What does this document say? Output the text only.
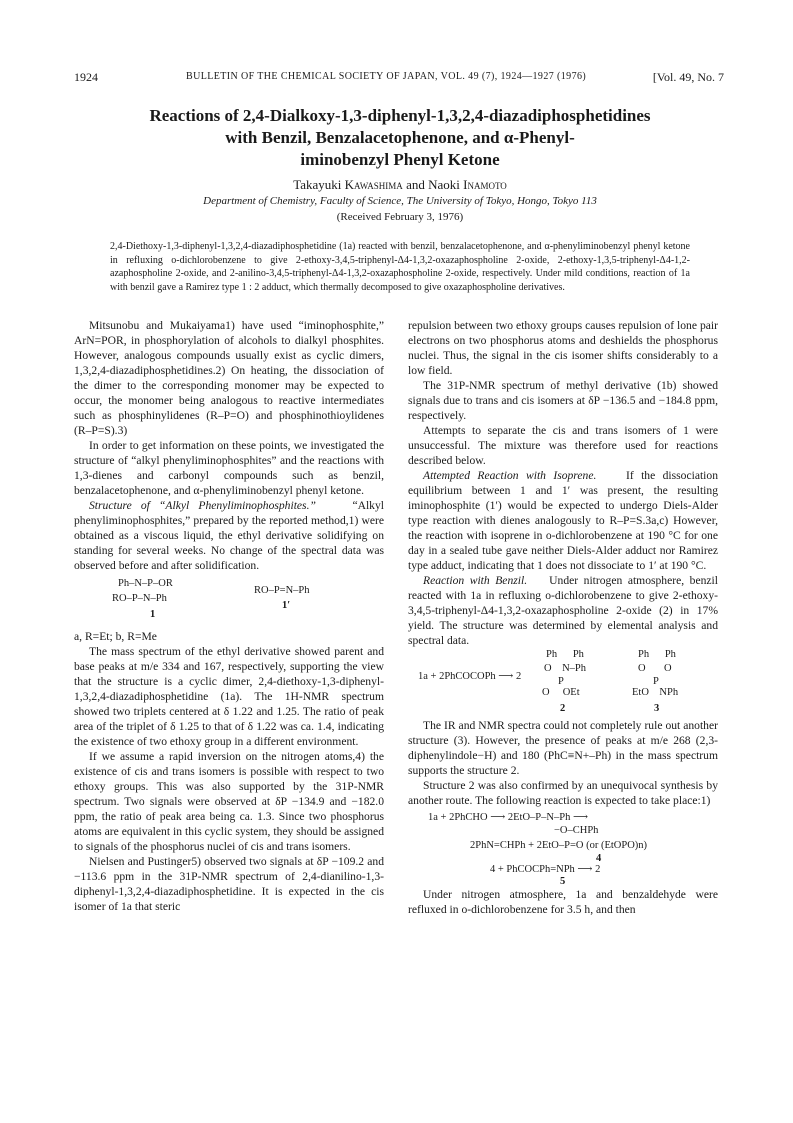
1924	BULLETIN OF THE CHEMICAL SOCIETY OF JAPAN, VOL. 49 (7), 1924—1927 (1976)	[Vol. 49, No. 7
Reactions of 2,4-Dialkoxy-1,3-diphenyl-1,3,2,4-diazadiphosphetidines
with Benzil, Benzalacetophenone, and α-Phenyl-
iminobenzyl Phenyl Ketone
Takayuki Kawashima and Naoki Inamoto
Department of Chemistry, Faculty of Science, The University of Tokyo, Hongo, Tokyo 113
(Received February 3, 1976)
2,4-Diethoxy-1,3-diphenyl-1,3,2,4-diazadiphosphetidine (1a) reacted with benzil, benzalacetophenone, and α-phenyliminobenzyl phenyl ketone in refluxing o-dichlorobenzene to give 2-ethoxy-3,4,5-triphenyl-Δ4-1,3,2-oxazaphospholine 2-oxide, 2-ethoxy-1,3,5-triphenyl-Δ4-1,2-azaphospholine 2-oxide, and 2-anilino-3,4,5-triphenyl-Δ4-1,3,2-oxazaphospholine 2-oxide, respectively. Under mild conditions, reaction of 1a with benzil gave a Ramirez type 1 : 2 adduct, which thermally decomposed to give oxazaphospholine derivatives.

Mitsunobu and Mukaiyama1) have used “iminophosphite,” ArN=POR, in phosphorylation of alcohols to dialkyl phosphites. However, analogous compounds usually exist as cyclic dimers, 1,3,2,4-diazadiphosphetidines.2) On heating, the dissociation of the dimer to the corresponding monomer may be expected to occur, the monomer being analogous to reactive intermediates such as phosphinylidenes (R–P=O) and phosphinothioylidenes (R–P=S).3)

In order to get information on these points, we investigated the structure of “alkyl phenyliminophosphites” and the reactions with 1,3-dienes and carbonyl compounds such as benzil, benzalacetophenone, and α-phenyliminobenzyl phenyl ketone.

Structure of “Alkyl Phenyliminophosphites.”	“Alkyl phenyliminophosphites,” prepared by the reported method,1) were obtained as a viscous liquid, the ethyl derivative solidifying on standing for several weeks. No change of the spectral data was observed before and after solidification.

Ph–N–P–OR
RO–P–N–Ph
1
RO–P=N–Ph
1′

a, R=Et; b, R=Me

The mass spectrum of the ethyl derivative showed parent and base peaks at m/e 334 and 167, respectively, supporting the view that the structure is a cyclic dimer, 2,4-diethoxy-1,3-diphenyl-1,3,2,4-diazadiphosphetidine (1a). The 1H-NMR spectrum showed two triplets centered at δ 1.22 and 1.25. The ratio of peak area of the triplet of δ 1.25 to that of δ 1.22 was ca. 1.4, indicating the existence of two ethoxy group in a different environment.

If we assume a rapid inversion on the nitrogen atoms,4) the existence of cis and trans isomers is possible with respect to two ethoxy groups. This was also supported by the 31P-NMR spectrum. Two signals were observed at δP −134.9 and −182.0 ppm, the ratio of peak area being ca. 1.3. Since two phosphorus atoms are equivalent in this cyclic system, they should be assigned to signals of the phosphorus nuclei of cis and trans isomers.

Nielsen and Pustinger5) observed two signals at δP −109.2 and −113.6 ppm in the 31P-NMR spectrum of 2,4-dianilino-1,3-diphenyl-1,3,2,4-diazadiphosphetidine. It is expected in the cis isomer of 1a that steric

repulsion between two ethoxy groups causes repulsion of lone pair electrons on two phosphorus atoms and deshields the phosphorus nuclei. Thus, the signal in the cis isomer shifts considerably to a low field.

The 31P-NMR spectrum of methyl derivative (1b) showed signals due to trans and cis isomers at δP −136.5 and −184.8 ppm, respectively.

Attempts to separate the cis and trans isomers of 1 were unsuccessful. The mixture was therefore used for reactions described below.

Attempted Reaction with Isoprene.	If the dissociation equilibrium between 1 and 1′ was present, the resulting iminophosphite (1′) would be expected to undergo Diels-Alder type reaction with dienes analogously to R–P=S.3a,c) However, the reaction with isoprene in o-dichlorobenzene at 190 °C for one day in a sealed tube gave neither Diels-Alder adduct nor Ramirez type adduct, indicating that 1 does not dissociate to 1′ at 190 °C.

Reaction with Benzil. Under nitrogen atmosphere, benzil reacted with 1a in refluxing o-dichlorobenzene to give 2-ethoxy-3,4,5-triphenyl-Δ4-1,3,2-oxazaphospholine 2-oxide (2) in 17% yield. The structure was determined by elemental analysis and spectral data.

1a + 2PhCOCOPh ⟶ 2
Ph      Ph
O    N–Ph
P
O     OEt
2
Ph      Ph
O       O
P
EtO    NPh
3

The IR and NMR spectra could not completely rule out another structure (3). However, the presence of peaks at m/e 268 (2,3-diphenylindole−H) and 180 (PhC≡N+–Ph) in the mass spectrum supports the structure 2.

Structure 2 was also confirmed by an unequivocal synthesis by another route. The following reaction is expected to take place:1)

1a + 2PhCHO ⟶ 2EtO–P–N–Ph ⟶
−O–CHPh
2PhN=CHPh + 2EtO–P=O (or (EtOPO)n)
4
4 + PhCOCPh=NPh ⟶ 2
5

Under nitrogen atmosphere, 1a and benzaldehyde were refluxed in o-dichlorobenzene for 3.5 h, and then
